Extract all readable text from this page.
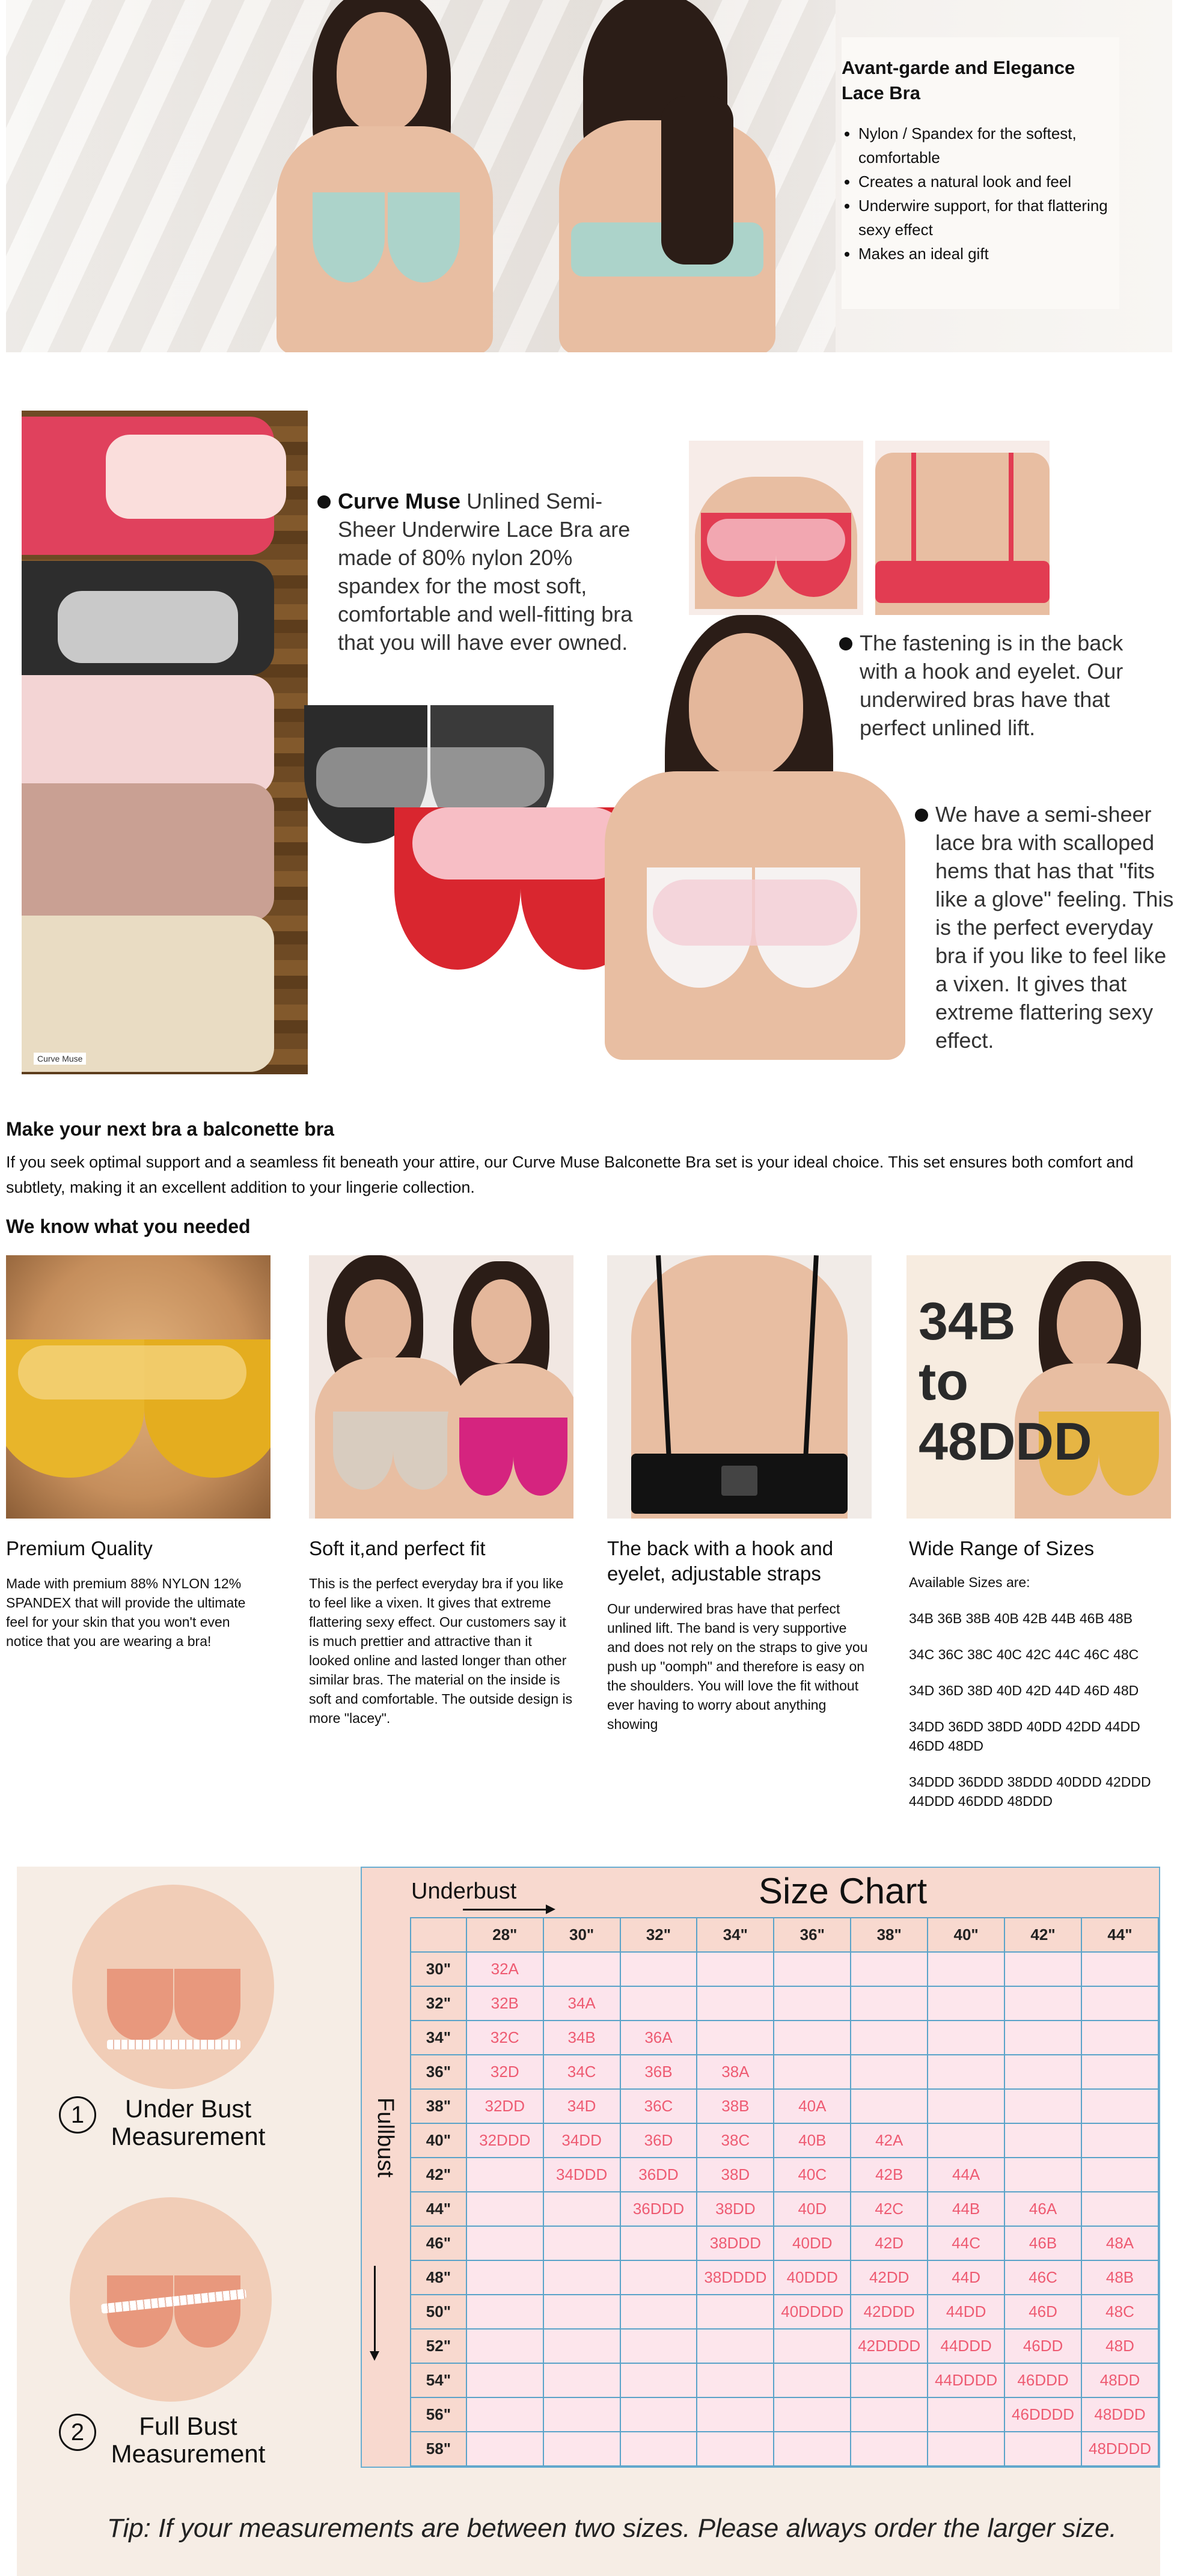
Avant-garde and Elegance Lace Bra
• Nylon / Spandex for the softest, comfortable
• Creates a natural look and feel
• Underwire support, for that flattering sexy effect
• Makes an ideal gift
Curve Muse
Curve Muse Unlined Semi-Sheer Underwire Lace Bra are made of 80% nylon 20% spandex for the most soft, comfortable and well-fitting bra that you will have ever owned.	The fastening is in the back with a hook and eyelet. Our underwired bras have that perfect unlined lift.
We have a semi-sheer lace bra with scalloped hems that has that "fits like a glove" feeling. This is the perfect everyday bra if you like to feel like a vixen. It gives that extreme flattering sexy effect.
Make your next bra a balconette bra
If you seek optimal support and a seamless fit beneath your attire, our Curve Muse Balconette Bra set is your ideal choice. This set ensures both comfort and subtlety, making it an excellent addition to your lingerie collection.
We know what you needed
Premium Quality
Made with premium 88% NYLON 12% SPANDEX that will provide the ultimate feel for your skin that you won't even notice that you are wearing a bra!
Soft it,and perfect fit
This is the perfect everyday bra if you like to feel like a vixen. It gives that extreme flattering sexy effect. Our customers say it is much prettier and attractive than it looked online and lasted longer than other similar bras. The material on the inside is soft and comfortable. The outside design is more "lacey".
The back with a hook and eyelet, adjustable straps
Our underwired bras have that perfect unlined lift. The band is very supportive and does not rely on the straps to give you push up "oomph" and therefore is easy on the shoulders. You will love the fit without ever having to worry about anything showing
34B
to
48DDD
Wide Range of Sizes
Available Sizes are:
34B 36B 38B 40B 42B 44B 46B 48B
34C 36C 38C 40C 42C 44C 46C 48C
34D 36D 38D 40D 42D 44D 46D 48D
34DD 36DD 38DD 40DD 42DD 44DD 46DD 48DD
34DDD 36DDD 38DDD 40DDD 42DDD 44DDD 46DDD 48DDD
1	Under Bust Measurement
2	Full Bust Measurement
Size Chart
Underbust
Fullbust
	28"	30"	32"	34"	36"	38"	40"	42"	44"
30"	32A								
32"	32B	34A							
34"	32C	34B	36A						
36"	32D	34C	36B	38A					
38"	32DD	34D	36C	38B	40A				
40"	32DDD	34DD	36D	38C	40B	42A			
42"		34DDD	36DD	38D	40C	42B	44A		
44"			36DDD	38DD	40D	42C	44B	46A	
46"				38DDD	40DD	42D	44C	46B	48A
48"				38DDDD	40DDD	42DD	44D	46C	48B
50"					40DDDD	42DDD	44DD	46D	48C
52"						42DDDD	44DDD	46DD	48D
54"							44DDDD	46DDD	48DD
56"								46DDDD	48DDD
58"									48DDDD
Tip: If your measurements are between two sizes. Please always order the larger size.
